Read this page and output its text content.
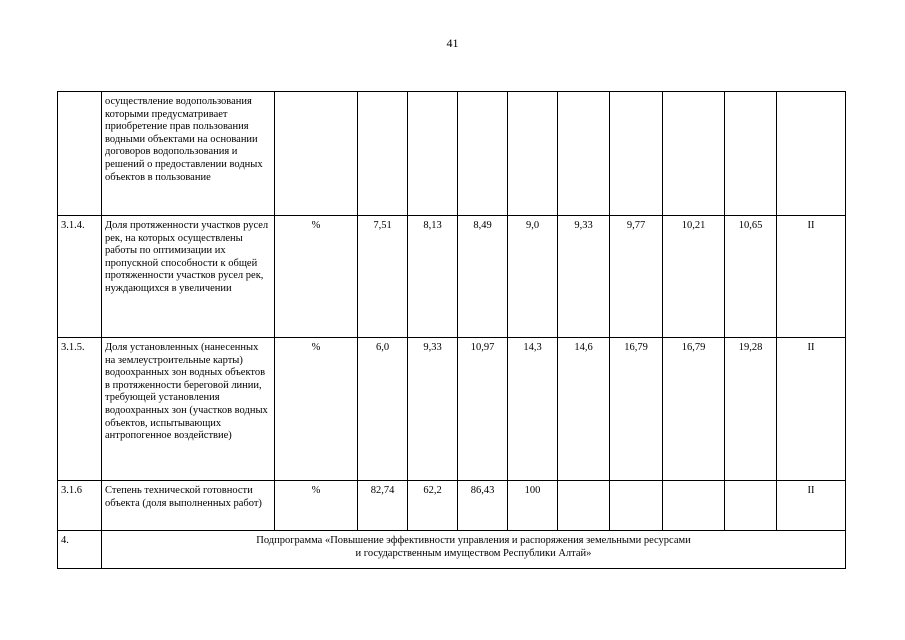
41
	осуществление водопользования которыми предусматривает приобретение прав пользования водными объектами на основании договоров водопользования и решений о предоставлении водных объектов в пользование										
3.1.4.	Доля протяженности участков русел рек, на которых осуществлены работы по оптимизации их пропускной способности к общей протяженности участков русел рек, нуждающихся в увеличении	%	7,51	8,13	8,49	9,0	9,33	9,77	10,21	10,65	II
3.1.5.	Доля установленных (нанесенных на землеустроительные карты) водоохранных зон водных объектов в протяженности береговой линии, требующей установления водоохранных зон (участков водных объектов, испытывающих антропогенное воздействие)	%	6,0	9,33	10,97	14,3	14,6	16,79	16,79	19,28	II
3.1.6	Степень технической готовности объекта (доля выполненных работ)	%	82,74	62,2	86,43	100					II
4.	Подпрограмма «Повышение эффективности управления и распоряжения земельными ресурсами
и государственным имуществом Республики Алтай»										
